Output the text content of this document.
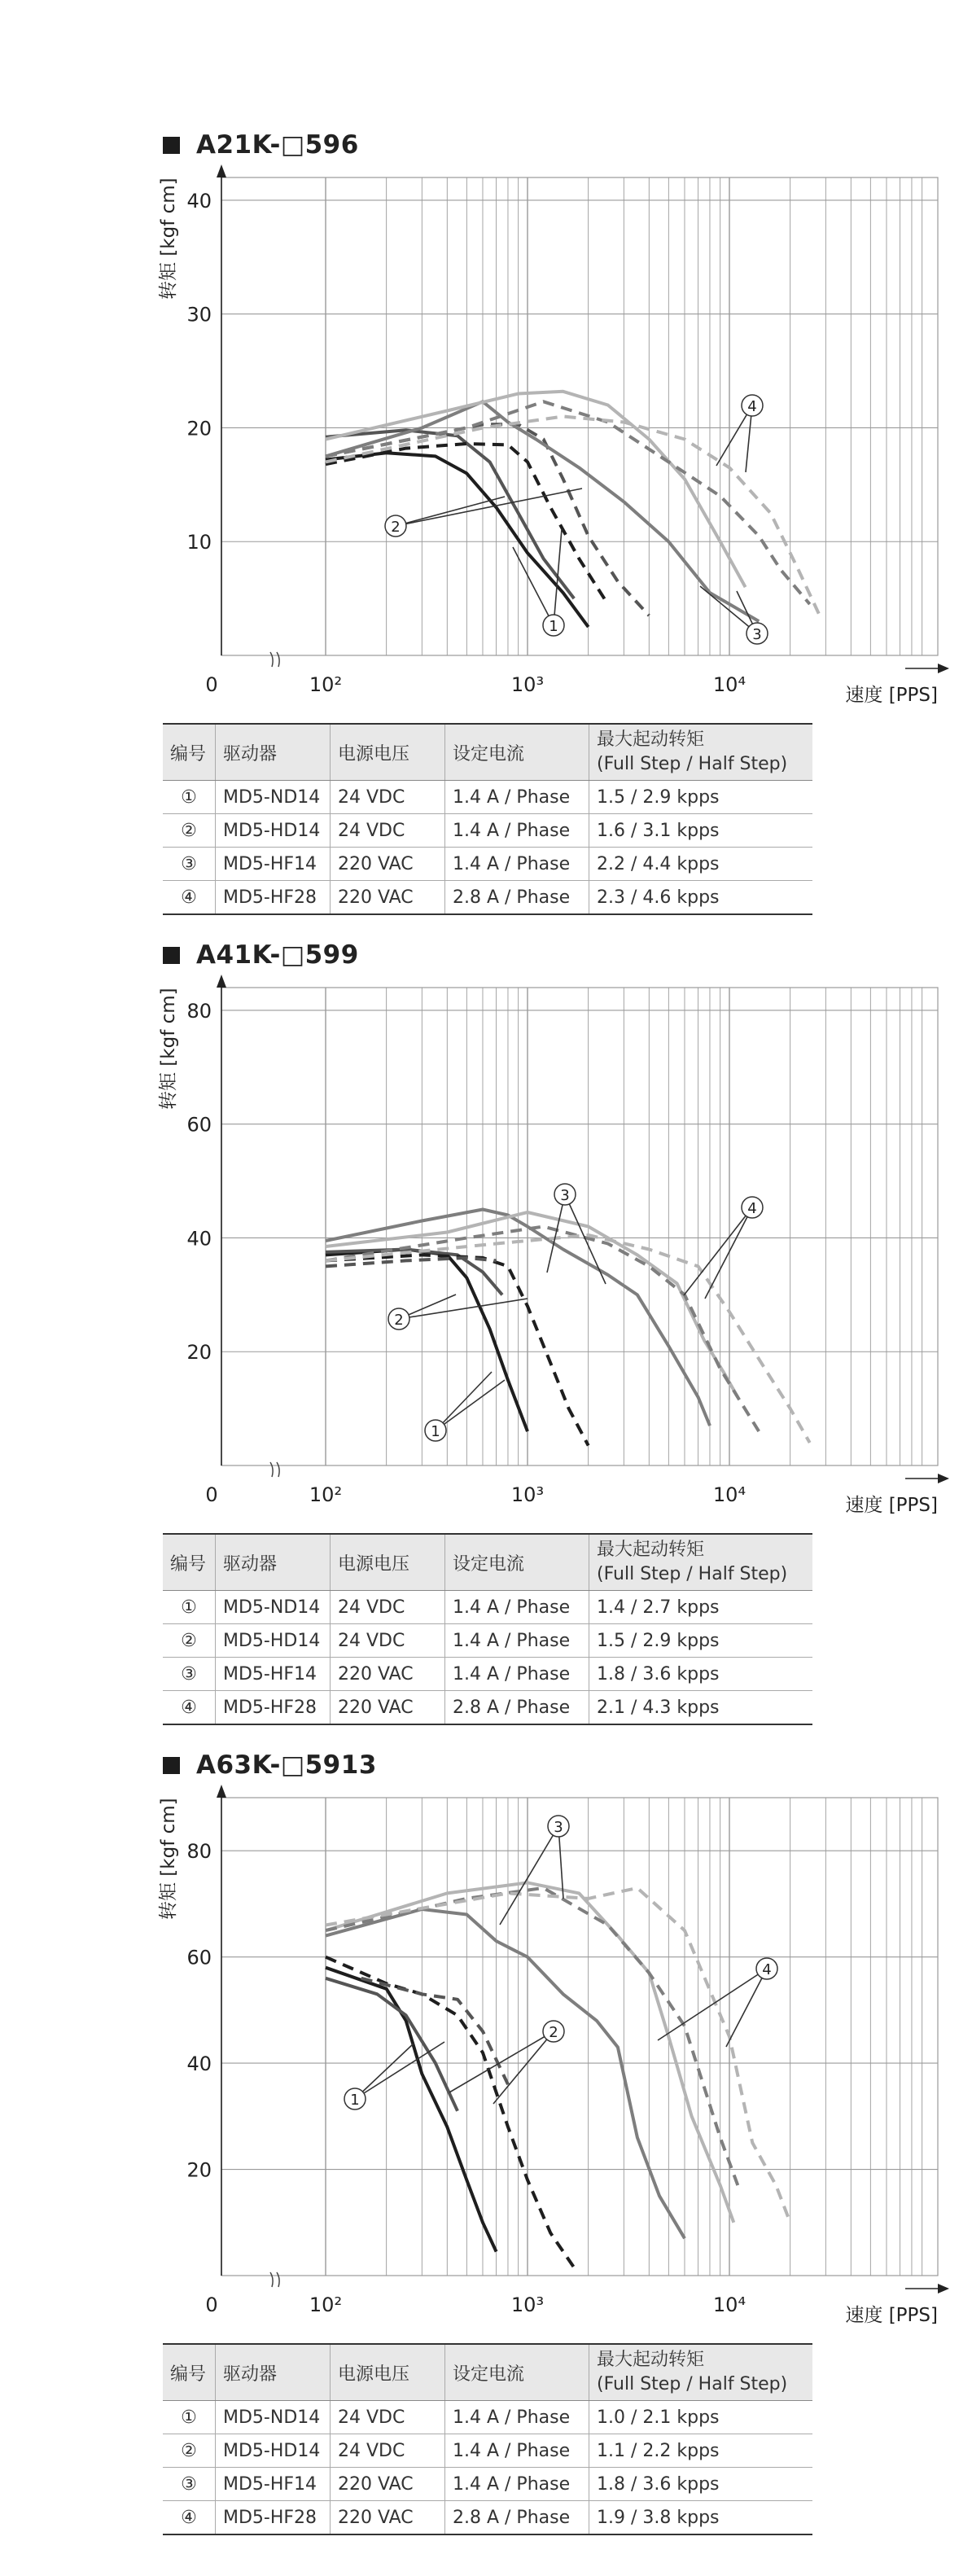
A21K-□596
10
20
30
40
0	10²	10³	10⁴
转矩 [kgf cm]
速度 [PPS]
1
2
3
4
编号	驱动器	电源电压	设定电流	最大起动转矩
(Full Step / Half Step)

①	MD5-ND14	24 VDC	1.4 A / Phase	1.5 / 2.9 kpps
②	MD5-HD14	24 VDC	1.4 A / Phase	1.6 / 3.1 kpps
③	MD5-HF14	220 VAC	1.4 A / Phase	2.2 / 4.4 kpps
④	MD5-HF28	220 VAC	2.8 A / Phase	2.3 / 4.6 kpps
A41K-□599
20
40
60
80
0	10²	10³	10⁴
转矩 [kgf cm]
速度 [PPS]
1
2
3
4
编号	驱动器	电源电压	设定电流	最大起动转矩
(Full Step / Half Step)

①	MD5-ND14	24 VDC	1.4 A / Phase	1.4 / 2.7 kpps
②	MD5-HD14	24 VDC	1.4 A / Phase	1.5 / 2.9 kpps
③	MD5-HF14	220 VAC	1.4 A / Phase	1.8 / 3.6 kpps
④	MD5-HF28	220 VAC	2.8 A / Phase	2.1 / 4.3 kpps
A63K-□5913
20
40
60
80
0	10²	10³	10⁴
转矩 [kgf cm]
速度 [PPS]
1
2
3
4
编号	驱动器	电源电压	设定电流	最大起动转矩
(Full Step / Half Step)

①	MD5-ND14	24 VDC	1.4 A / Phase	1.0 / 2.1 kpps
②	MD5-HD14	24 VDC	1.4 A / Phase	1.1 / 2.2 kpps
③	MD5-HF14	220 VAC	1.4 A / Phase	1.8 / 3.6 kpps
④	MD5-HF28	220 VAC	2.8 A / Phase	1.9 / 3.8 kpps
